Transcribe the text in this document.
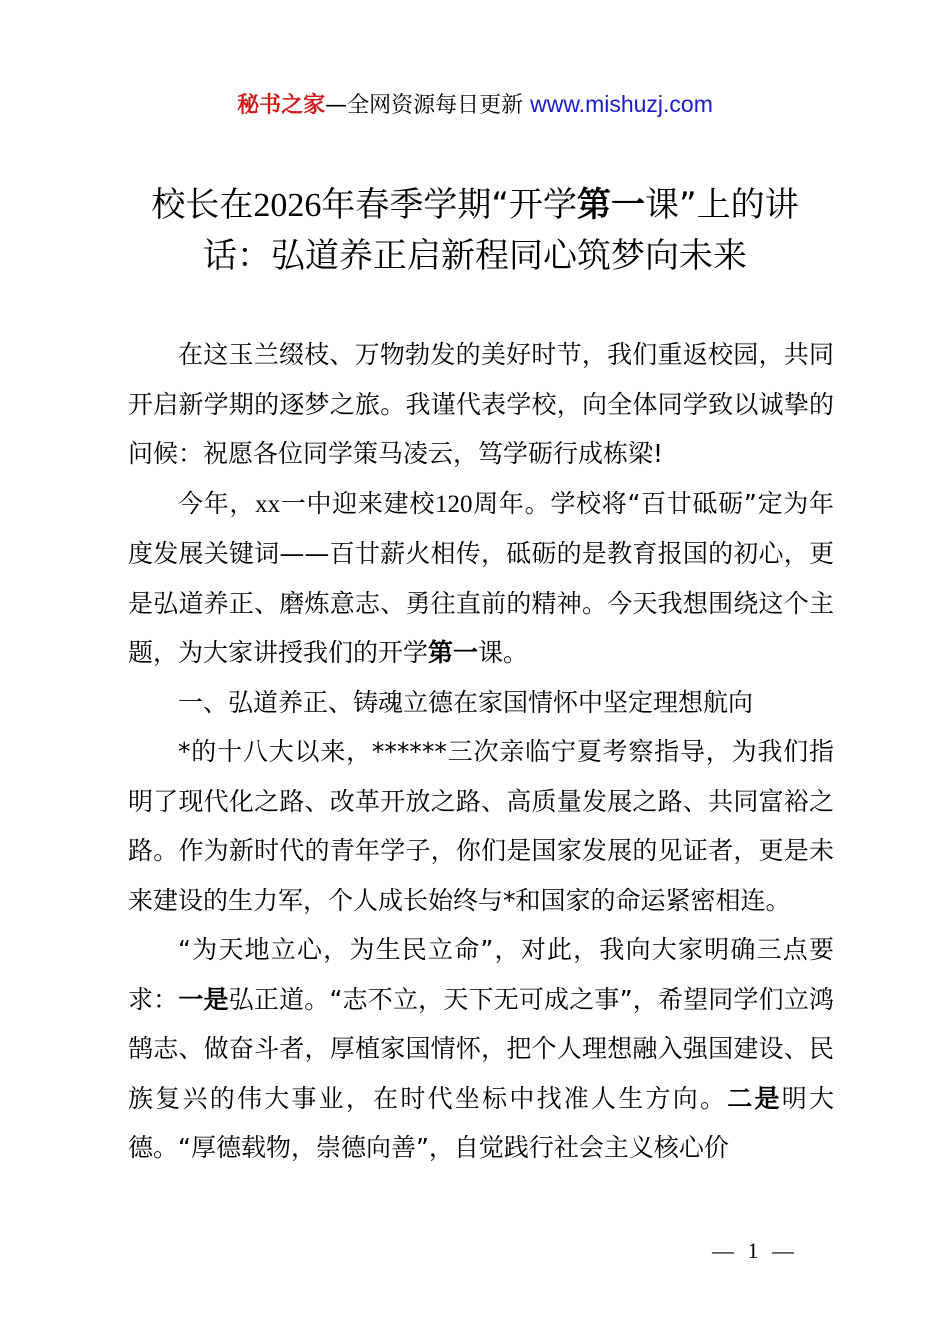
秘书之家—全网资源每日更新 www.mishuzj.com
校长在2026年春季学期“开学第一课”上的讲话：弘道养正启新程同心筑梦向未来

在这玉兰缀枝、万物勃发的美好时节，我们重返校园，共同开启新学期的逐梦之旅。我谨代表学校，向全体同学致以诚挚的问候：祝愿各位同学策马凌云，笃学砺行成栋梁!

今年，xx一中迎来建校120周年。学校将“百廿砥砺”定为年度发展关键词——百廿薪火相传，砥砺的是教育报国的初心，更是弘道养正、磨炼意志、勇往直前的精神。今天我想围绕这个主题，为大家讲授我们的开学第一课。

一、弘道养正、铸魂立德在家国情怀中坚定理想航向

*的十八大以来，******三次亲临宁夏考察指导，为我们指明了现代化之路、改革开放之路、高质量发展之路、共同富裕之路。作为新时代的青年学子，你们是国家发展的见证者，更是未来建设的生力军，个人成长始终与*和国家的命运紧密相连。

“为天地立心，为生民立命”，对此，我向大家明确三点要求：一是弘正道。“志不立，天下无可成之事”，希望同学们立鸿鹄志、做奋斗者，厚植家国情怀，把个人理想融入强国建设、民族复兴的伟大事业，在时代坐标中找准人生方向。二是明大德。“厚德载物，崇德向善”，自觉践行社会主义核心价

— 1 —
